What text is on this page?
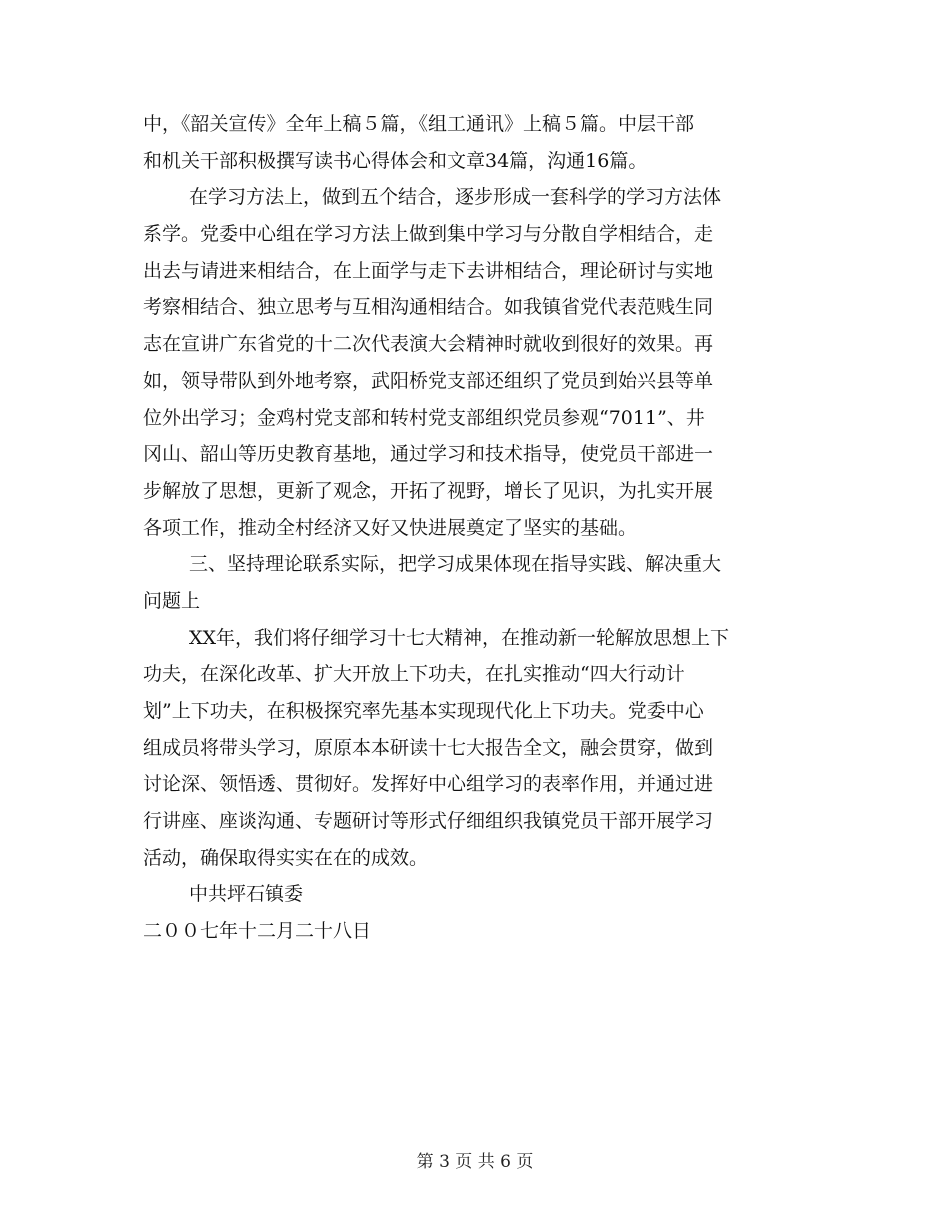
中，《韶关宣传》全年上稿５篇，《组工通讯》上稿５篇。中层干部
和机关干部积极撰写读书心得体会和文章34篇，沟通16篇。
在学习方法上，做到五个结合，逐步形成一套科学的学习方法体
系学。党委中心组在学习方法上做到集中学习与分散自学相结合，走
出去与请进来相结合，在上面学与走下去讲相结合，理论研讨与实地
考察相结合、独立思考与互相沟通相结合。如我镇省党代表范贱生同
志在宣讲广东省党的十二次代表演大会精神时就收到很好的效果。再
如，领导带队到外地考察，武阳桥党支部还组织了党员到始兴县等单
位外出学习；金鸡村党支部和转村党支部组织党员参观“7011”、井
冈山、韶山等历史教育基地，通过学习和技术指导，使党员干部进一
步解放了思想，更新了观念，开拓了视野，增长了见识，为扎实开展
各项工作，推动全村经济又好又快进展奠定了坚实的基础。
三、坚持理论联系实际，把学习成果体现在指导实践、解决重大
问题上
XX年，我们将仔细学习十七大精神，在推动新一轮解放思想上下
功夫，在深化改革、扩大开放上下功夫，在扎实推动“四大行动计
划”上下功夫，在积极探究率先基本实现现代化上下功夫。党委中心
组成员将带头学习，原原本本研读十七大报告全文，融会贯穿，做到
讨论深、领悟透、贯彻好。发挥好中心组学习的表率作用，并通过进
行讲座、座谈沟通、专题研讨等形式仔细组织我镇党员干部开展学习
活动，确保取得实实在在的成效。
中共坪石镇委
二００七年十二月二十八日
第 3 页 共 6 页
